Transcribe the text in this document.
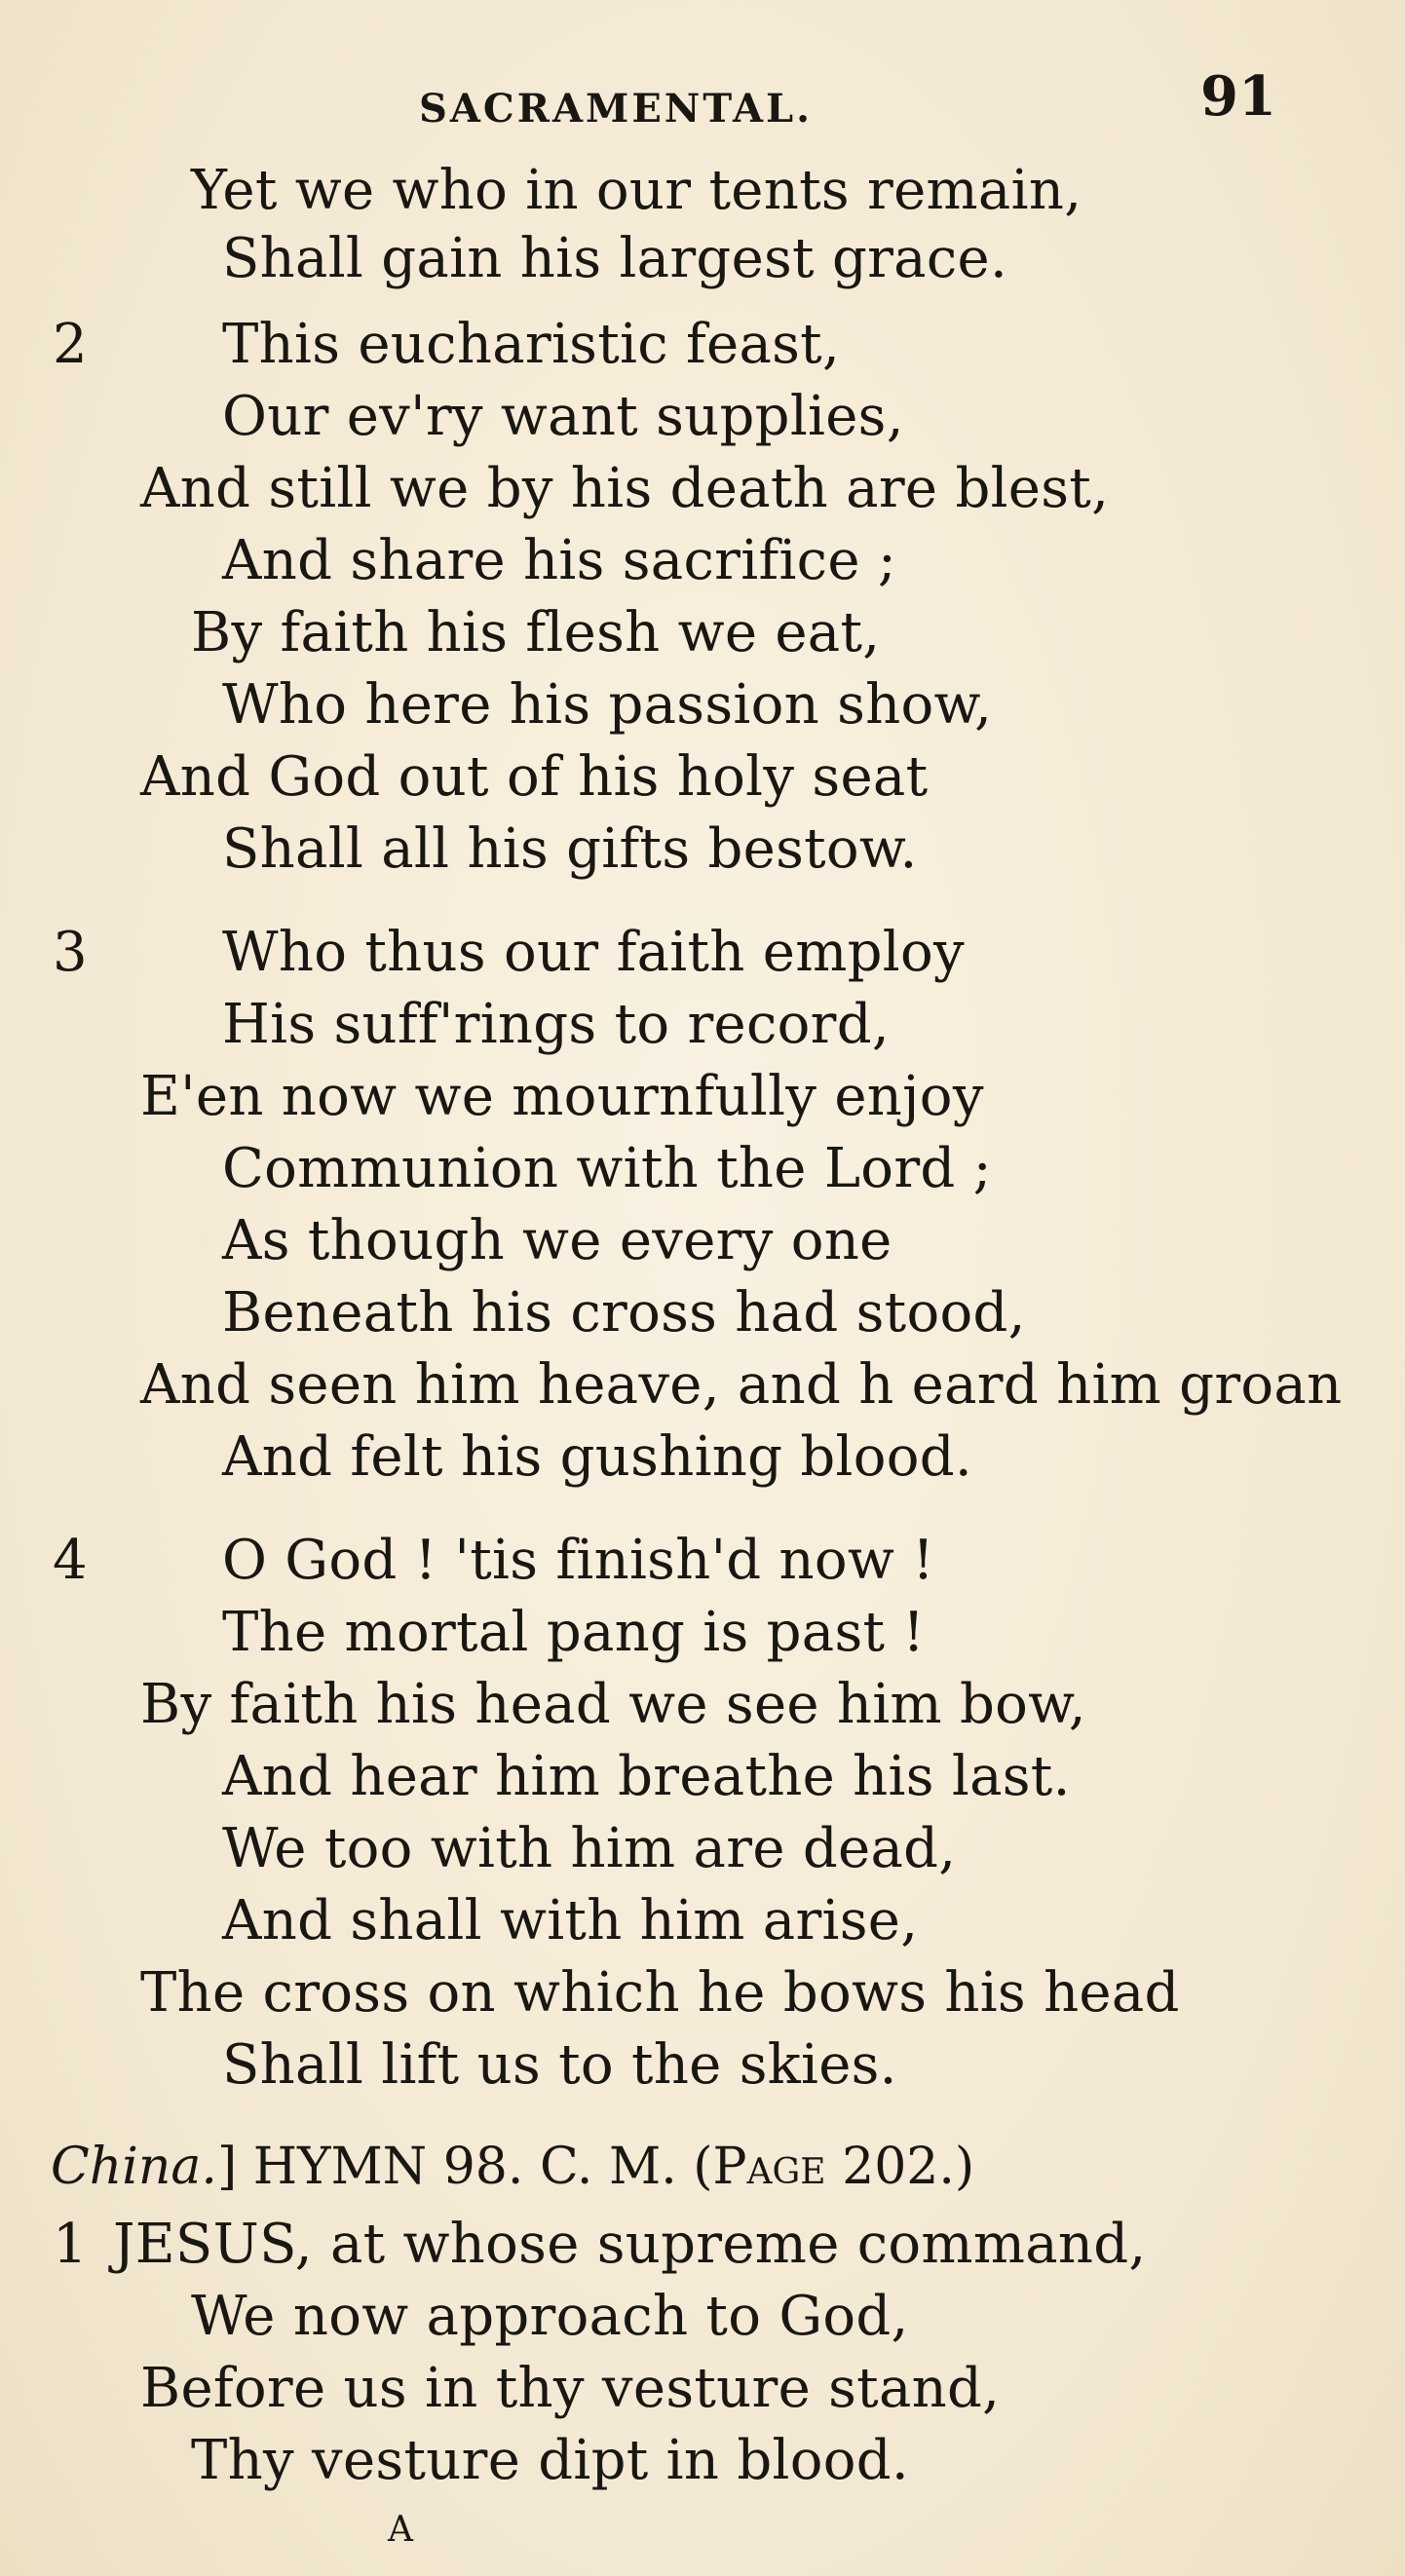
SACRAMENTAL.	91
Yet we who in our tents remain,
Shall gain his largest grace.
2 This eucharistic feast,
Our ev'ry want supplies,
And still we by his death are blest,
And share his sacrifice ;
By faith his flesh we eat,
Who here his passion show,
And God out of his holy seat
Shall all his gifts bestow.
3 Who thus our faith employ
His suff'rings to record,
E'en now we mournfully enjoy
Communion with the Lord ;
As though we every one
Beneath his cross had stood,
And seen him heave, and h eard him groan
And felt his gushing blood.
4 O God ! 'tis finish'd now !
The mortal pang is past !
By faith his head we see him bow,
And hear him breathe his last.
We too with him are dead,
And shall with him arise,
The cross on which he bows his head
Shall lift us to the skies.
China.] HYMN 98. C. M. (Page 202.)
1 JESUS, at whose supreme command,
We now approach to God,
Before us in thy vesture stand,
Thy vesture dipt in blood.
A
